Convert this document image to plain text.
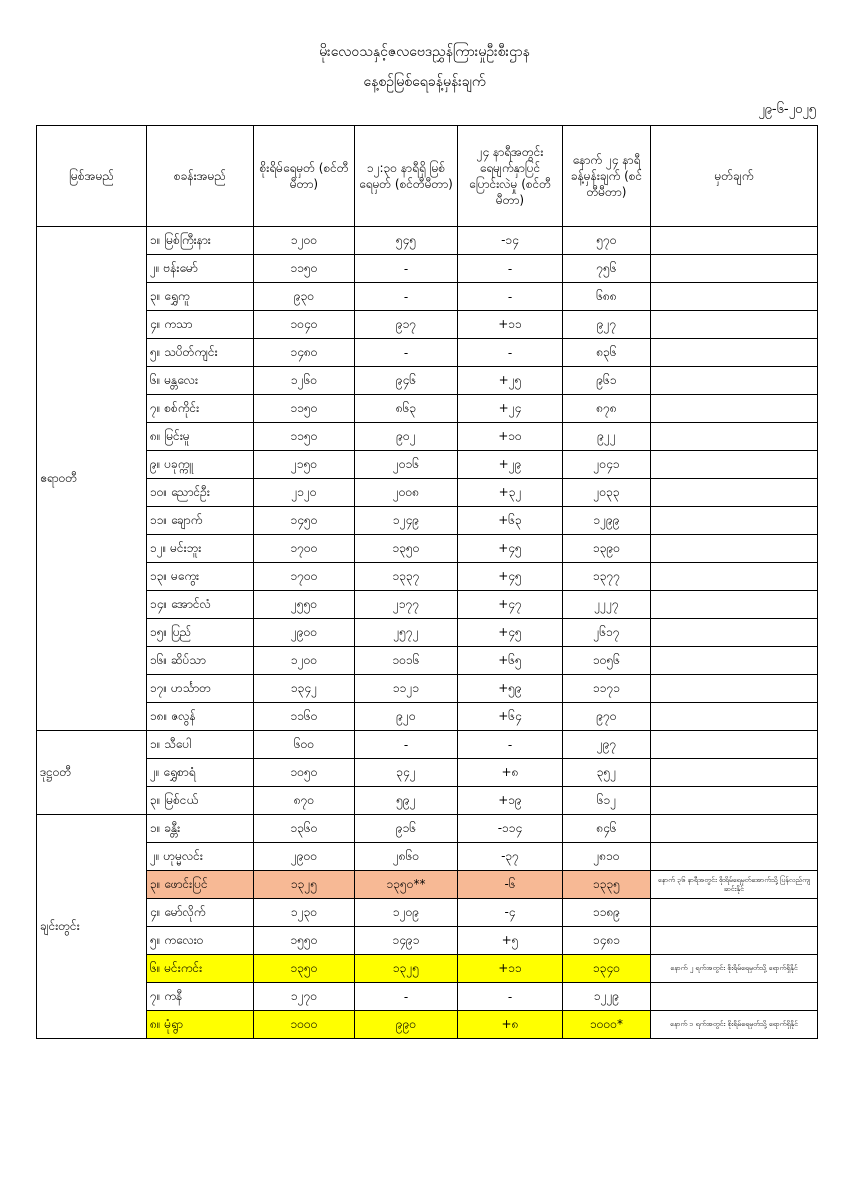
မိုးလေဝသနှင့်ဇလဗေဒညွှန်ကြားမှုဦးစီးဌာန
နေ့စဉ်မြစ်ရေခန့်မှန်းချက်
၂၉-၆-၂၀၂၅
မြစ်အမည်	စခန်းအမည်	စိုးရိမ်ရေမှတ် (စင်တီမီတာ)	၁၂:၃၀ နာရီရှိ မြစ်ရေမှတ် (စင်တီမီတာ)	၂၄ နာရီအတွင်း ရေမျက်နှာပြင် ပြောင်းလဲမှု (စင်တီမီတာ)	နောက် ၂၄ နာရီ ခန့်မှန်းချက် (စင်တီမီတာ)	မှတ်ချက်
ဧရာဝတီ	၁။ မြစ်ကြီးနား	၁၂၀၀	၅၄၅	-၁၄	၅၇၀	
	၂။ ဗန်းမော်	၁၁၅၀	-	-	၇၅၆	
	၃။ ရွှေကူ	၉၃၀	-	-	၆၈၈	
	၄။ ကသာ	၁၀၄၀	၉၁၇	+၁၁	၉၂၇	
	၅။ သပိတ်ကျင်း	၁၄၈၀	-	-	၈၃၆	
	၆။ မန္တလေး	၁၂၆၀	၉၄၆	+၂၅	၉၆၁	
	၇။ စစ်ကိုင်း	၁၁၅၀	၈၆၃	+၂၄	၈၇၈	
	၈။ မြင်းမူ	၁၁၅၀	၉၀၂	+၁၀	၉၂၂	
	၉။ ပခုက္ကူ	၂၁၅၀	၂၀၁၆	+၂၉	၂၀၄၁	
	၁၀။ ညောင်ဦး	၂၁၂၀	၂၀၀၈	+၃၂	၂၀၃၃	
	၁၁။ ချောက်	၁၄၅၀	၁၂၄၉	+၆၃	၁၂၉၉	
	၁၂။ မင်းဘူး	၁၇၀၀	၁၃၅၀	+၄၅	၁၃၉၀	
	၁၃။ မကွေး	၁၇၀၀	၁၃၃၇	+၄၅	၁၃၇၇	
	၁၄။ အောင်လံ	၂၅၅၀	၂၁၇၇	+၄၇	၂၂၂၇	
	၁၅။ ပြည်	၂၉၀၀	၂၅၇၂	+၄၅	၂၆၁၇	
	၁၆။ ဆိပ်သာ	၁၂၀၀	၁၀၁၆	+၆၅	၁၀၅၆	
	၁၇။ ဟင်္သာတ	၁၃၄၂	၁၁၂၁	+၅၉	၁၁၇၁	
	၁၈။ ဇလွန်	၁၁၆၀	၉၂၀	+၆၄	၉၇၀	
ဒုဋ္ဌဝတီ	၁။ သီပေါ	၆၀၀	-	-	၂၉၇	
	၂။ ရွှေစာရံ	၁၀၅၀	၃၄၂	+၈	၃၅၂	
	၃။ မြစ်ငယ်	၈၇၀	၅၉၂	+၁၉	၆၁၂	
ချင်းတွင်း	၁။ ခန္တီး	၁၃၆၀	၉၁၆	-၁၁၄	၈၄၆	
	၂။ ဟုမ္မလင်း	၂၉၀၀	၂၈၆၀	-၃၇	၂၈၁၀	
	၃။ ဖောင်းပြင်	၁၃၂၅	၁၃၅၀**	-၆	၁၃၃၅	နောက် ၃၆ နာရီအတွင်း စိုးရိမ်ရေမှတ်အောက်သို့ ပြန်လည်ကျဆင်းနိုင်
	၄။ မော်လိုက်	၁၂၃၀	၁၂၀၉	-၄	၁၁၈၉	
	၅။ ကလေးဝ	၁၅၅၀	၁၄၉၁	+၅	၁၄၈၁	
	၆။ မင်းကင်း	၁၃၅၀	၁၃၂၅	+၁၁	၁၃၄၀	နောက် ၂ ရက်အတွင်း စိုးရိမ်ရေမှတ်သို့ ရောက်ရှိနိုင်
	၇။ ကနီ	၁၂၇၀	-	-	၁၂၂၉	
	၈။ မုံရွာ	၁၀၀၀	၉၉၀	+၈	၁၀၀၀*	နောက် ၁ ရက်အတွင်း စိုးရိမ်ရေမှတ်သို့ ရောက်ရှိနိုင်
